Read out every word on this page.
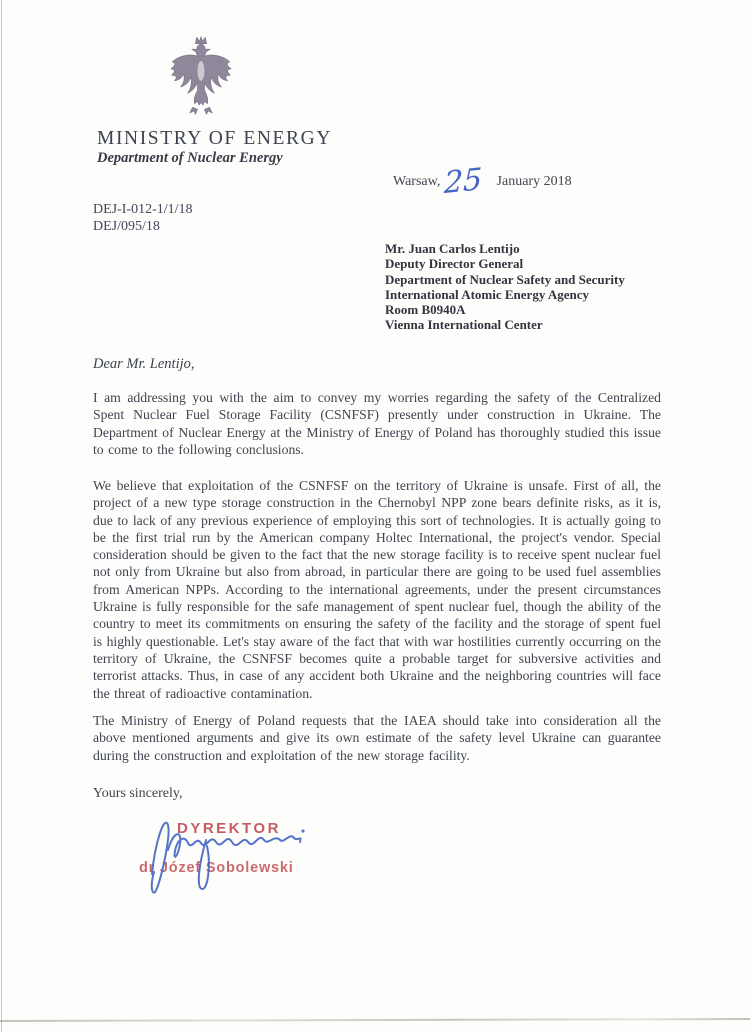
MINISTRY OF ENERGY
Department of Nuclear Energy
Warsaw, 25 January 2018
DEJ-I-012-1/1/18
DEJ/095/18
Mr. Juan Carlos Lentijo
Deputy Director General
Department of Nuclear Safety and Security
International Atomic Energy Agency
Room B0940A
Vienna International Center
Dear Mr. Lentijo,

I am addressing you with the aim to convey my worries regarding the safety of the Centralized Spent Nuclear Fuel Storage Facility (CSNFSF) presently under construction in Ukraine. The Department of Nuclear Energy at the Ministry of Energy of Poland has thoroughly studied this issue to come to the following conclusions.

We believe that exploitation of the CSNFSF on the territory of Ukraine is unsafe. First of all, the project of a new type storage construction in the Chernobyl NPP zone bears definite risks, as it is, due to lack of any previous experience of employing this sort of technologies. It is actually going to be the first trial run by the American company Holtec International, the project's vendor. Special consideration should be given to the fact that the new storage facility is to receive spent nuclear fuel not only from Ukraine but also from abroad, in particular there are going to be used fuel assemblies from American NPPs. According to the international agreements, under the present circumstances Ukraine is fully responsible for the safe management of spent nuclear fuel, though the ability of the country to meet its commitments on ensuring the safety of the facility and the storage of spent fuel is highly questionable. Let's stay aware of the fact that with war hostilities currently occurring on the territory of Ukraine, the CSNFSF becomes quite a probable target for subversive activities and terrorist attacks. Thus, in case of any accident both Ukraine and the neighboring countries will face the threat of radioactive contamination.

The Ministry of Energy of Poland requests that the IAEA should take into consideration all the above mentioned arguments and give its own estimate of the safety level Ukraine can guarantee during the construction and exploitation of the new storage facility.

Yours sincerely,
DYREKTOR
dr Józef Sobolewski
